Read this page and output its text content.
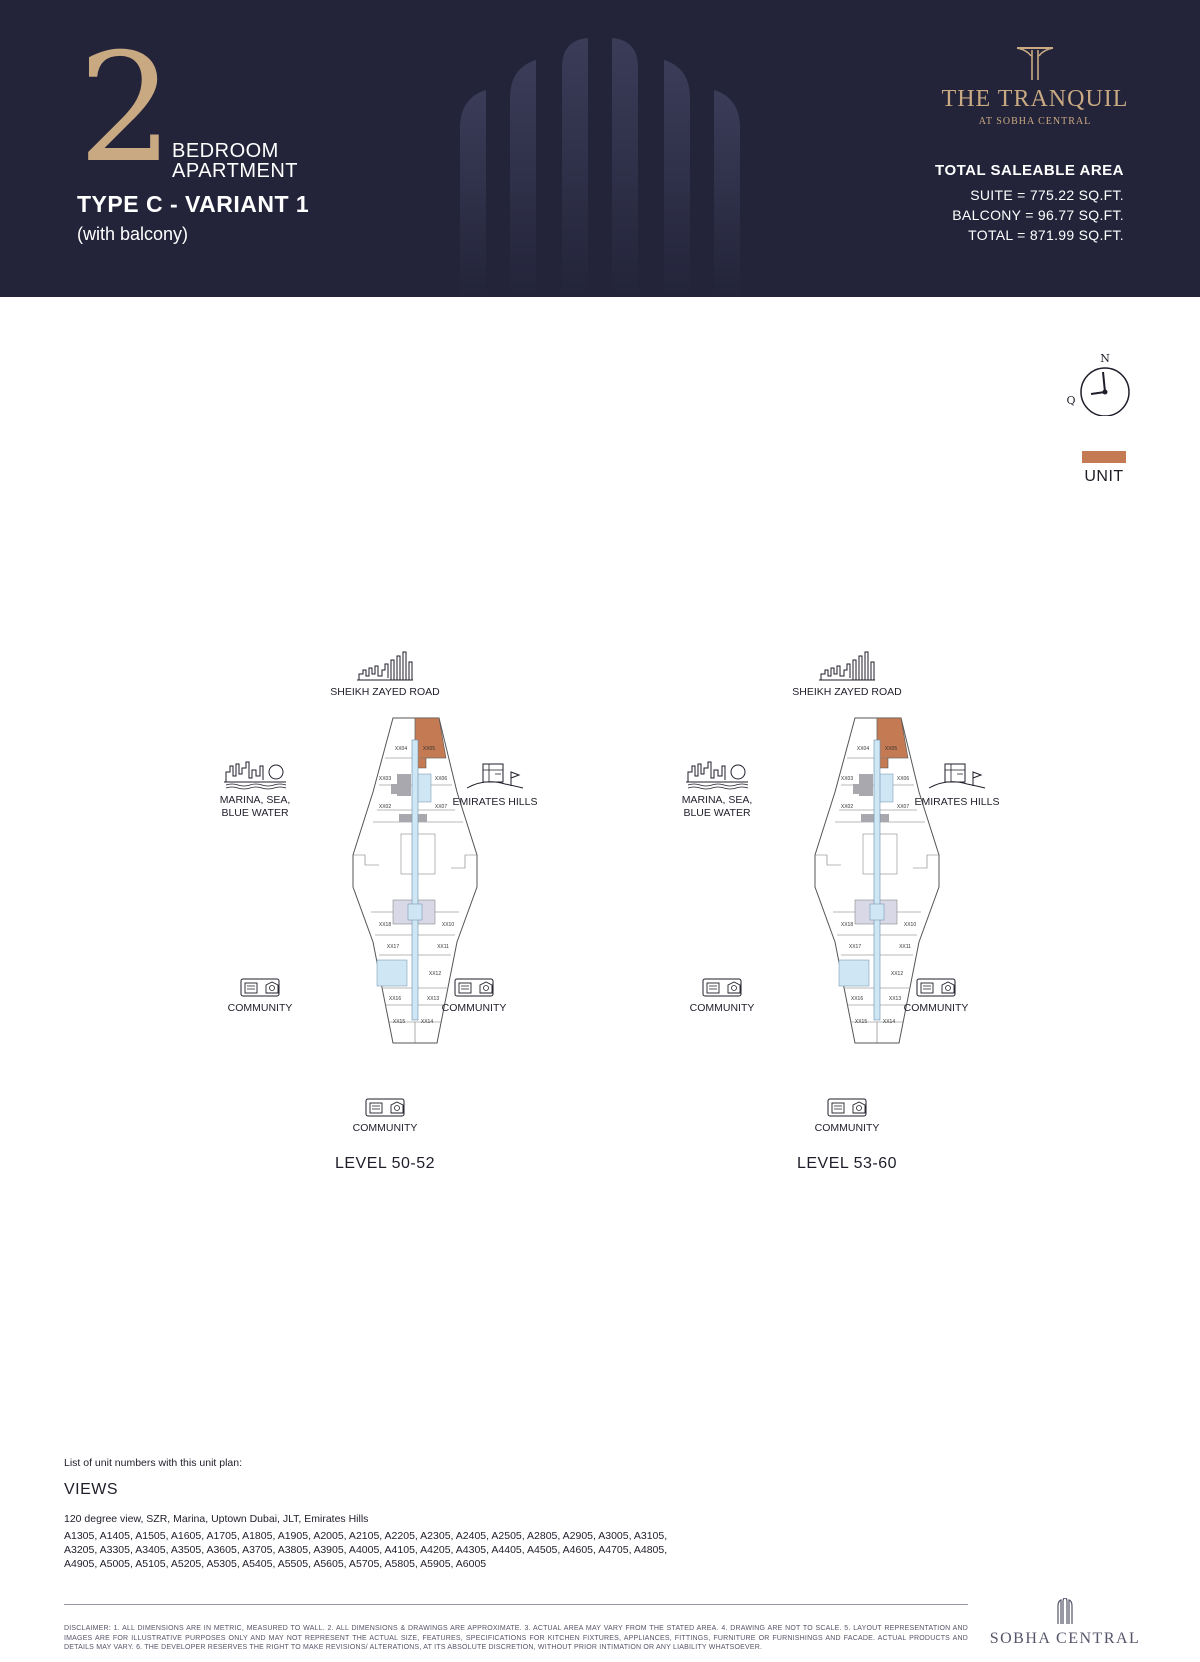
2
BEDROOM
APARTMENT
TYPE C - VARIANT 1
(with balcony)
THE TRANQUIL
AT SOBHA CENTRAL
TOTAL SALEABLE AREA
SUITE = 775.22 SQ.FT.
BALCONY = 96.77 SQ.FT.
TOTAL = 871.99 SQ.FT.
N
Q
UNIT
XX04	XX05
XX03	XX06
XX02	XX07
XX18	XX10
XX17	XX11
XX12
XX16	XX13
XX15	XX14
SHEIKH ZAYED ROAD
MARINA, SEA,
BLUE WATER
EMIRATES HILLS
COMMUNITY	COMMUNITY
COMMUNITY
LEVEL 50-52
XX04	XX05
XX03	XX06
XX02	XX07
XX18	XX10
XX17	XX11
XX12
XX16	XX13
XX15	XX14
SHEIKH ZAYED ROAD
MARINA, SEA,
BLUE WATER
EMIRATES HILLS
COMMUNITY	COMMUNITY
COMMUNITY
LEVEL 53-60
List of unit numbers with this unit plan:
VIEWS
120 degree view, SZR, Marina, Uptown Dubai, JLT, Emirates Hills
A1305, A1405, A1505, A1605, A1705, A1805, A1905, A2005, A2105, A2205, A2305, A2405, A2505, A2805, A2905, A3005, A3105, A3205, A3305, A3405, A3505, A3605, A3705, A3805, A3905, A4005, A4105, A4205, A4305, A4405, A4505, A4605, A4705, A4805, A4905, A5005, A5105, A5205, A5305, A5405, A5505, A5605, A5705, A5805, A5905, A6005
DISCLAIMER: 1. ALL DIMENSIONS ARE IN METRIC, MEASURED TO WALL. 2. ALL DIMENSIONS & DRAWINGS ARE APPROXIMATE. 3. ACTUAL AREA MAY VARY FROM THE STATED AREA. 4. DRAWING ARE NOT TO SCALE. 5. LAYOUT REPRESENTATION AND IMAGES ARE FOR ILLUSTRATIVE PURPOSES ONLY AND MAY NOT REPRESENT THE ACTUAL SIZE, FEATURES, SPECIFICATIONS FOR KITCHEN FIXTURES, APPLIANCES, FITTINGS, FURNITURE OR FURNISHINGS AND FACADE. ACTUAL PRODUCTS AND DETAILS MAY VARY. 6. THE DEVELOPER RESERVES THE RIGHT TO MAKE REVISIONS/ ALTERATIONS, AT ITS ABSOLUTE DISCRETION, WITHOUT PRIOR INTIMATION OR ANY LIABILITY WHATSOEVER.
SOBHA CENTRAL
